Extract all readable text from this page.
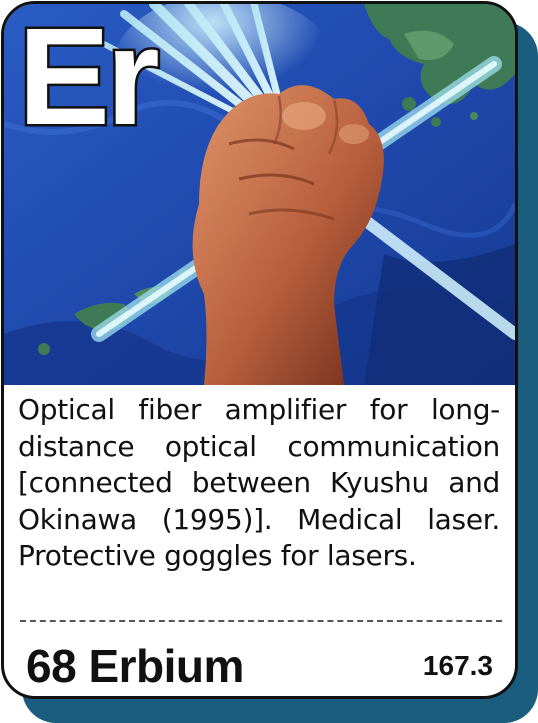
Er

Optical fiber amplifier for long-distance optical communication [connected between Kyushu and Okinawa (1995)]. Medical laser. Protective goggles for lasers.

68 Erbium	167.3
